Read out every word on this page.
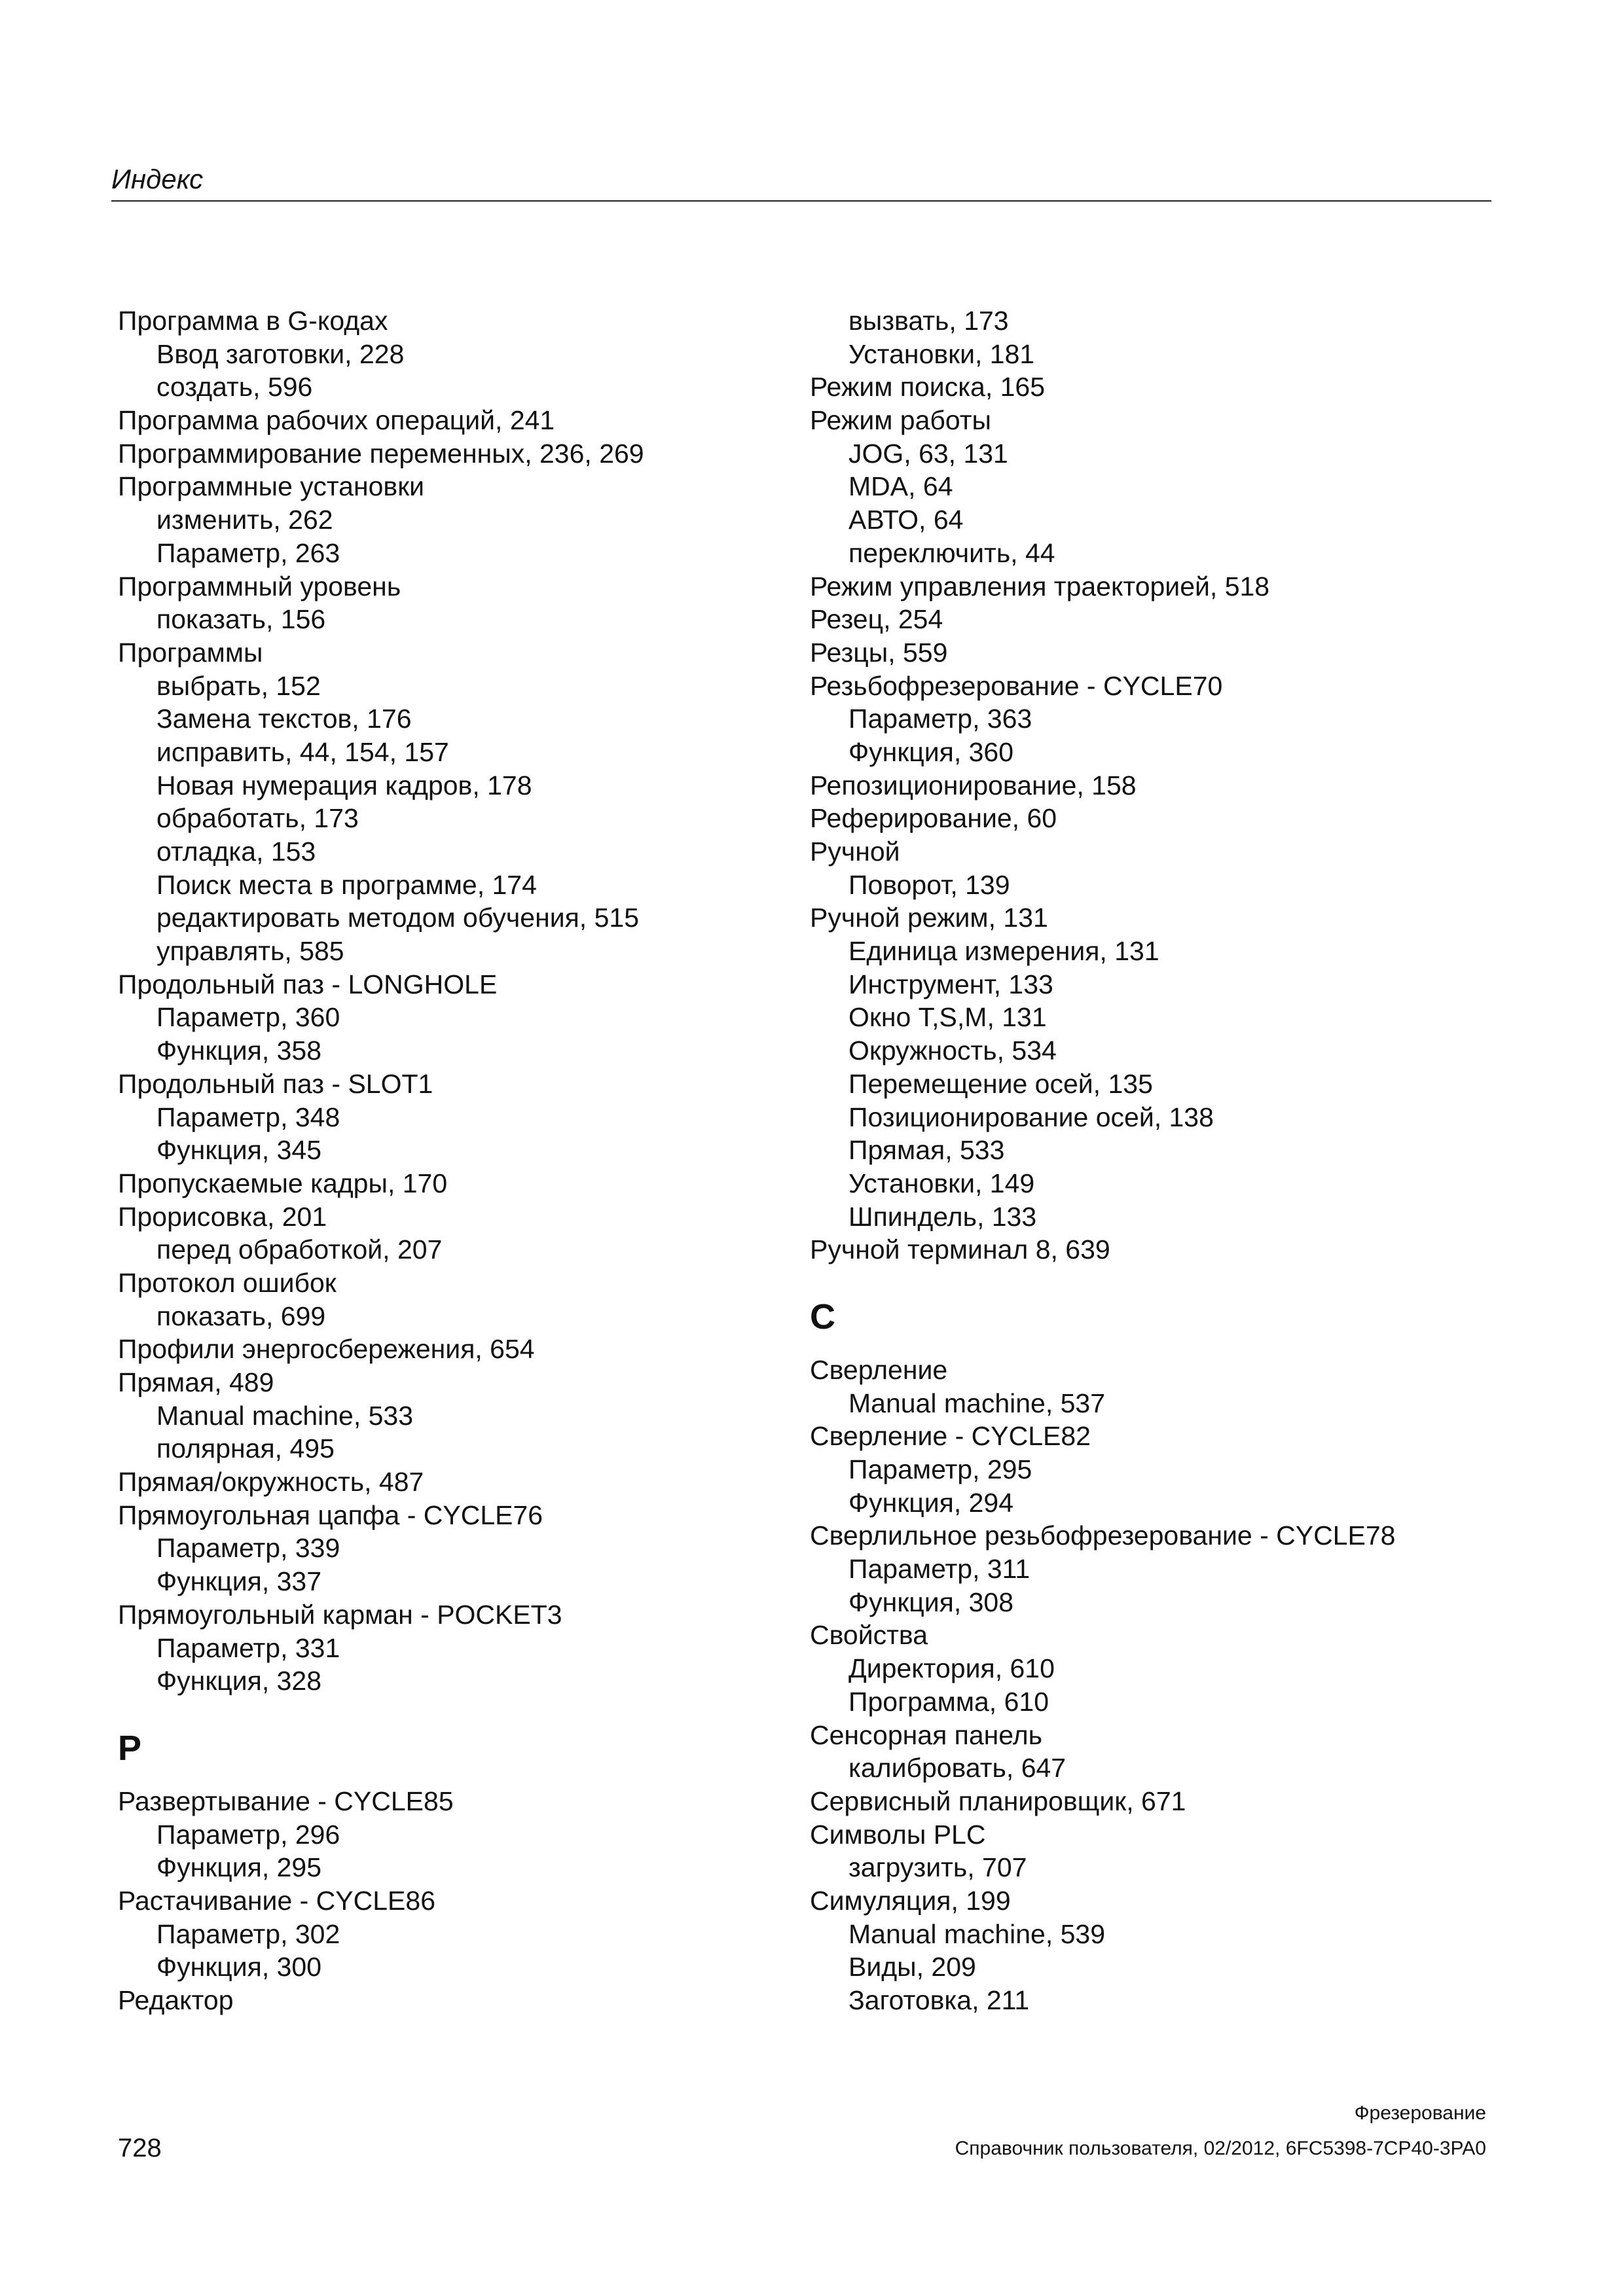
Индекс
Программа в G-кодах
Ввод заготовки, 228
создать, 596
Программа рабочих операций, 241
Программирование переменных, 236, 269
Программные установки
изменить, 262
Параметр, 263
Программный уровень
показать, 156
Программы
выбрать, 152
Замена текстов, 176
исправить, 44, 154, 157
Новая нумерация кадров, 178
обработать, 173
отладка, 153
Поиск места в программе, 174
редактировать методом обучения, 515
управлять, 585
Продольный паз - LONGHOLE
Параметр, 360
Функция, 358
Продольный паз - SLOT1
Параметр, 348
Функция, 345
Пропускаемые кадры, 170
Прорисовка, 201
перед обработкой, 207
Протокол ошибок
показать, 699
Профили энергосбережения, 654
Прямая, 489
Manual machine, 533
полярная, 495
Прямая/окружность, 487
Прямоугольная цапфа - CYCLE76
Параметр, 339
Функция, 337
Прямоугольный карман - POCKET3
Параметр, 331
Функция, 328
Р
Развертывание - CYCLE85
Параметр, 296
Функция, 295
Растачивание - CYCLE86
Параметр, 302
Функция, 300
Редактор
вызвать, 173
Установки, 181
Режим поиска, 165
Режим работы
JOG, 63, 131
MDA, 64
АВТО, 64
переключить, 44
Режим управления траекторией, 518
Резец, 254
Резцы, 559
Резьбофрезерование - CYCLE70
Параметр, 363
Функция, 360
Репозиционирование, 158
Реферирование, 60
Ручной
Поворот, 139
Ручной режим, 131
Единица измерения, 131
Инструмент, 133
Окно T,S,M, 131
Окружность, 534
Перемещение осей, 135
Позиционирование осей, 138
Прямая, 533
Установки, 149
Шпиндель, 133
Ручной терминал 8, 639
С
Сверление
Manual machine, 537
Сверление - CYCLE82
Параметр, 295
Функция, 294
Сверлильное резьбофрезерование - CYCLE78
Параметр, 311
Функция, 308
Свойства
Директория, 610
Программа, 610
Сенсорная панель
калибровать, 647
Сервисный планировщик, 671
Символы PLC
загрузить, 707
Симуляция, 199
Manual machine, 539
Виды, 209
Заготовка, 211
Фрезерование
728	Справочник пользователя, 02/2012, 6FC5398-7CP40-3PA0
